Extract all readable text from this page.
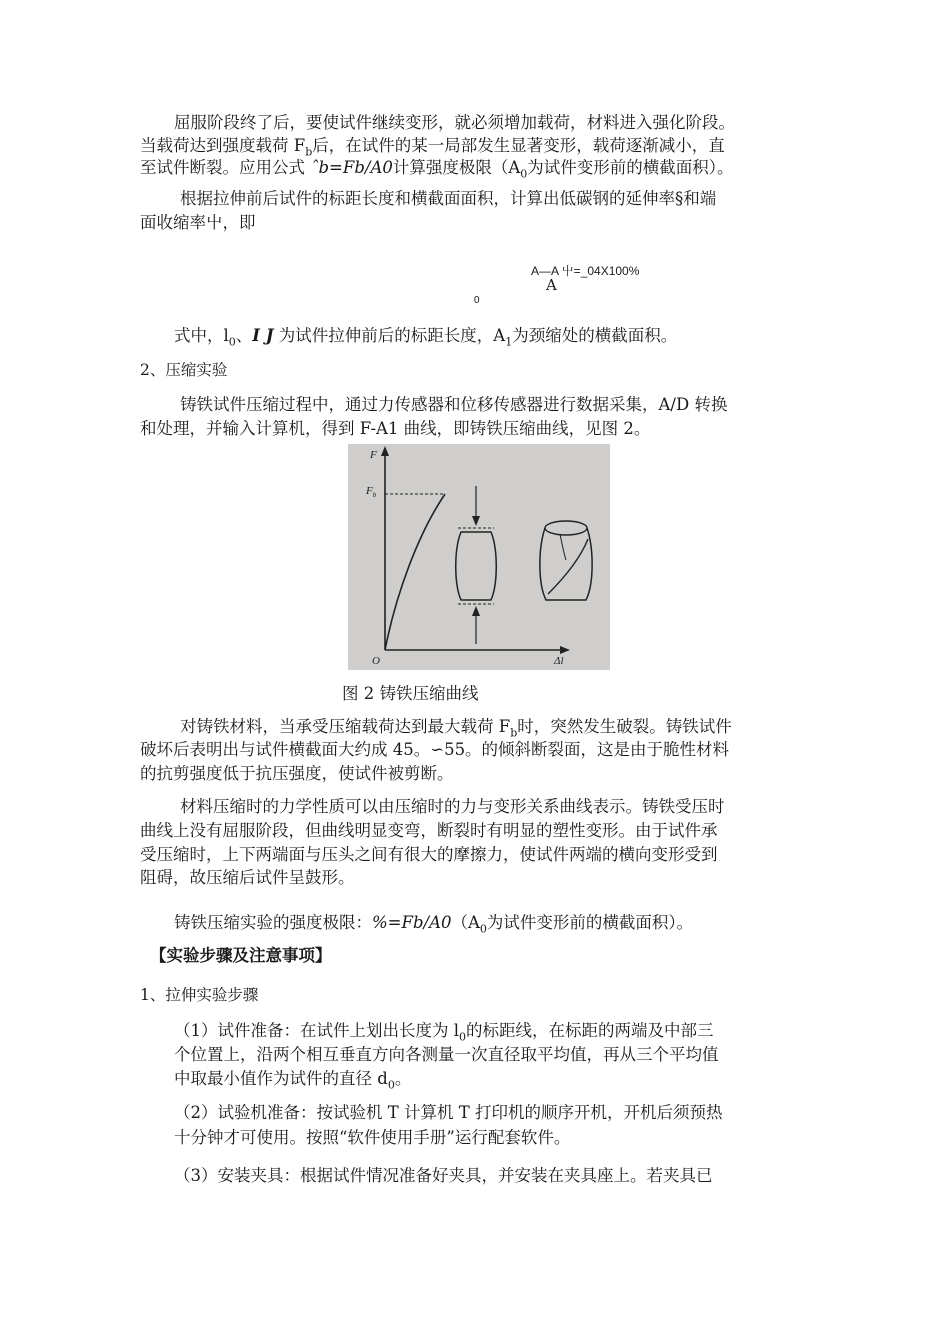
屈服阶段终了后，要使试件继续变形，就必须增加载荷，材料进入强化阶段。
当载荷达到强度载荷 $F_b$后，在试件的某一局部发生显著变形，载荷逐渐减小，直
至试件断裂。应用公式 ˆb=Fb/A0计算强度极限（$A_0$为试件变形前的横截面积）。
根据拉伸前后试件的标距长度和横截面面积，计算出低碳钢的延伸率§和端
面收缩率屮，即
A—A 屮=_04X100%
A
0
式中，$l_0$、I J 为试件拉伸前后的标距长度，$A_1$为颈缩处的横截面积。
2、压缩实验
铸铁试件压缩过程中，通过力传感器和位移传感器进行数据采集，A/D 转换
和处理，并输入计算机，得到 F-A1 曲线，即铸铁压缩曲线，见图 2。
F
$F_b$
O	Δl
图 2 铸铁压缩曲线
对铸铁材料，当承受压缩载荷达到最大载荷 $F_b$时，突然发生破裂。铸铁试件
破坏后表明出与试件横截面大约成 45。∽55。的倾斜断裂面，这是由于脆性材料
的抗剪强度低于抗压强度，使试件被剪断。
材料压缩时的力学性质可以由压缩时的力与变形关系曲线表示。铸铁受压时
曲线上没有屈服阶段，但曲线明显变弯，断裂时有明显的塑性变形。由于试件承
受压缩时，上下两端面与压头之间有很大的摩擦力，使试件两端的横向变形受到
阻碍，故压缩后试件呈鼓形。
铸铁压缩实验的强度极限：$\%=Fb/A0(A_0$为试件变形前的横截面积）。
【实验步骤及注意事项】
1、拉伸实验步骤
（1）试件准备：在试件上划出长度为 $l_0$的标距线，在标距的两端及中部三
个位置上，沿两个相互垂直方向各测量一次直径取平均值，再从三个平均值
中取最小值作为试件的直径 $d_0$。
（2）试验机准备：按试验机 T 计算机 T 打印机的顺序开机，开机后须预热
十分钟才可使用。按照“软件使用手册”运行配套软件。
（3）安装夹具：根据试件情况准备好夹具，并安装在夹具座上。若夹具已
